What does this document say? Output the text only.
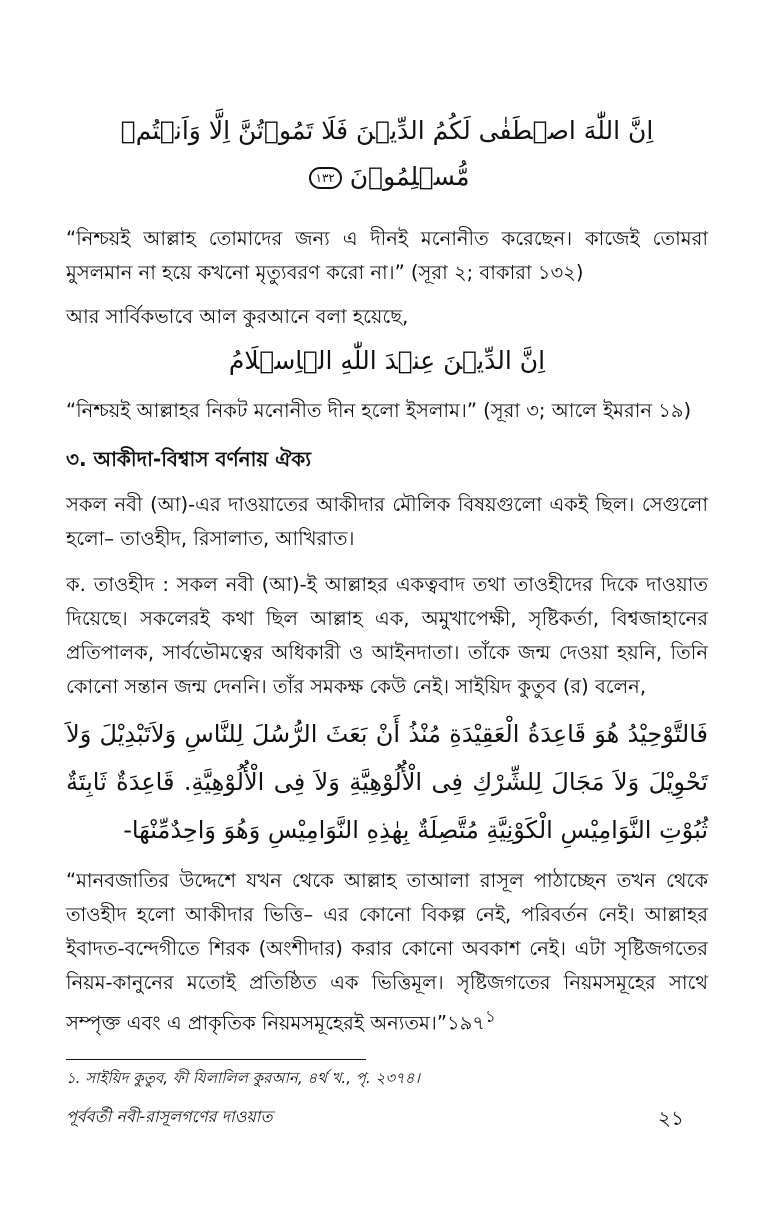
اِنَّ اللّٰهَ اصۡطَفٰی لَکُمُ الدِّیۡنَ فَلَا تَمُوۡتُنَّ اِلَّا وَاَنۡتُمۡ مُّسۡلِمُوۡنَ ١٣٢

“নিশ্চয়ই আল্লাহ তোমাদের জন্য এ দীনই মনোনীত করেছেন। কাজেই তোমরা মুসলমান না হয়ে কখনো মৃত্যুবরণ করো না।” (সূরা ২; বাকারা ১৩২)

আর সার্বিকভাবে আল কুরআনে বলা হয়েছে,

اِنَّ الدِّیۡنَ عِنۡدَ اللّٰهِ الۡاِسۡلَامُ

“নিশ্চয়ই আল্লাহর নিকট মনোনীত দীন হলো ইসলাম।” (সূরা ৩; আলে ইমরান ১৯)

৩. আকীদা-বিশ্বাস বর্ণনায় ঐক্য

সকল নবী (আ)-এর দাওয়াতের আকীদার মৌলিক বিষয়গুলো একই ছিল। সেগুলো হলো– তাওহীদ, রিসালাত, আখিরাত।

ক. তাওহীদ : সকল নবী (আ)-ই আল্লাহর একত্ববাদ তথা তাওহীদের দিকে দাওয়াত দিয়েছে। সকলেরই কথা ছিল আল্লাহ এক, অমুখাপেক্ষী, সৃষ্টিকর্তা, বিশ্বজাহানের প্রতিপালক, সার্বভৌমত্বের অধিকারী ও আইনদাতা। তাঁকে জন্ম দেওয়া হয়নি, তিনি কোনো সন্তান জন্ম দেননি। তাঁর সমকক্ষ কেউ নেই। সাইয়িদ কুতুব (র) বলেন,

فَالتَّوْحِيْدُ هُوَ قَاعِدَةُ الْعَقِيْدَةِ مُنْذُ أَنْ بَعَثَ الرُّسُلَ لِلنَّاسِ وَلاَتَبْدِيْلَ وَلاَ تَحْوِيْلَ وَلاَ مَجَالَ لِلشِّرْكِ فِى الْأُلُوْهِيَّةِ وَلاَ فِى الْأُلُوْهِيَّةِ. قَاعِدَةٌ ثَابِتَةٌ ثُبُوْتِ النَّوَامِيْسِ الْكَوْنِيَّةِ مُتَّصِلَةٌ بِهٰذِهِ النَّوَامِيْسِ وَهُوَ وَاحِدٌمِّنْهَا-

“মানবজাতির উদ্দেশে যখন থেকে আল্লাহ তাআলা রাসূল পাঠাচ্ছেন তখন থেকে তাওহীদ হলো আকীদার ভিত্তি– এর কোনো বিকল্প নেই, পরিবর্তন নেই। আল্লাহর ইবাদত-বন্দেগীতে শিরক (অংশীদার) করার কোনো অবকাশ নেই। এটা সৃষ্টিজগতের নিয়ম-কানুনের মতোই প্রতিষ্ঠিত এক ভিত্তিমূল। সৃষ্টিজগতের নিয়মসমূহের সাথে সম্পৃক্ত এবং এ প্রাকৃতিক নিয়মসমূহেরই $অন্যতম।”১৯৭^১$

১. সাইয়িদ কুতুব, ফী যিলালিল কুরআন, ৪র্থ খ., পৃ. ২৩৭৪।

পূর্ববর্তী নবী-রাসূলগণের দাওয়াত	২১
